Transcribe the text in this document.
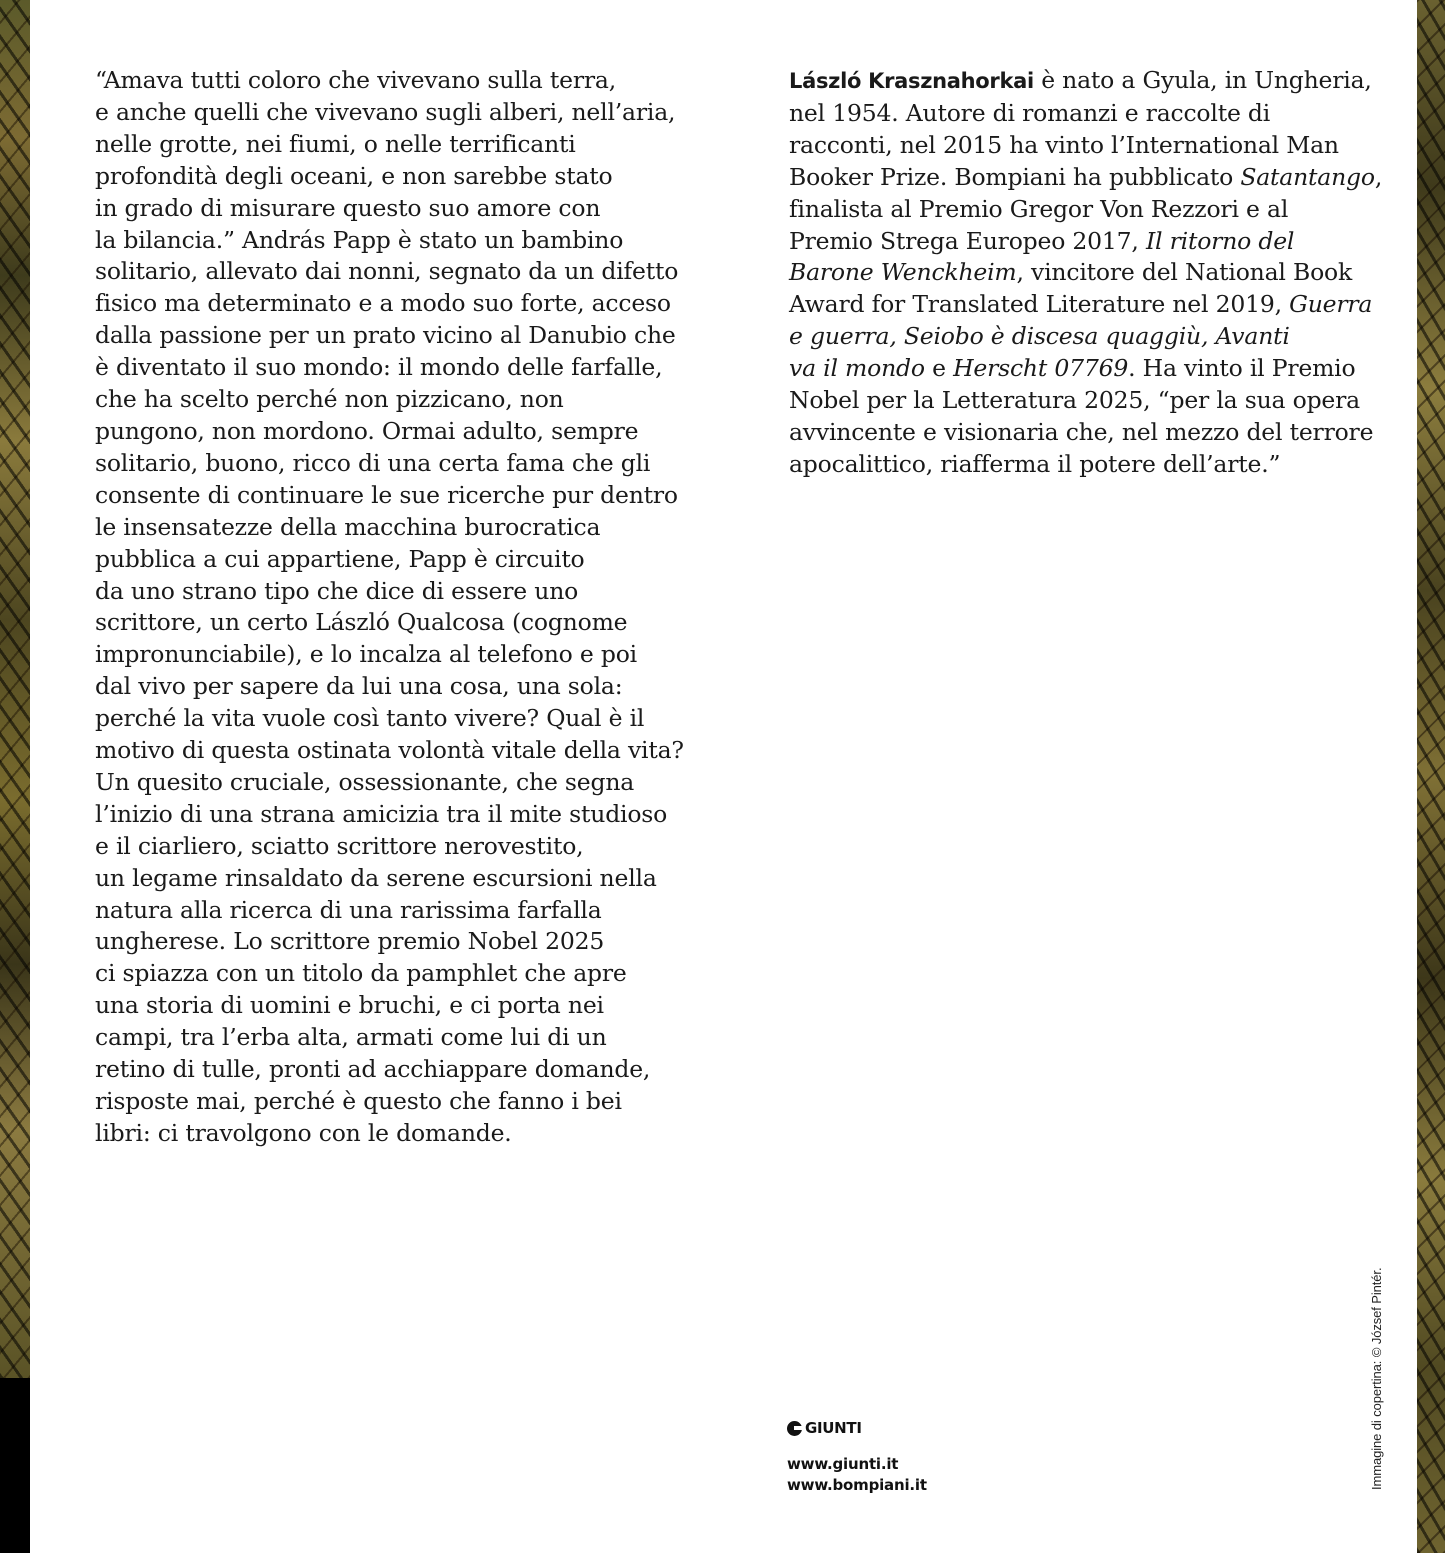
“Amava tutti coloro che vivevano sulla terra,
e anche quelli che vivevano sugli alberi, nell’aria,
nelle grotte, nei fiumi, o nelle terrificanti
profondità degli oceani, e non sarebbe stato
in grado di misurare questo suo amore con
la bilancia.” András Papp è stato un bambino
solitario, allevato dai nonni, segnato da un difetto
fisico ma determinato e a modo suo forte, acceso
dalla passione per un prato vicino al Danubio che
è diventato il suo mondo: il mondo delle farfalle,
che ha scelto perché non pizzicano, non
pungono, non mordono. Ormai adulto, sempre
solitario, buono, ricco di una certa fama che gli
consente di continuare le sue ricerche pur dentro
le insensatezze della macchina burocratica
pubblica a cui appartiene, Papp è circuito
da uno strano tipo che dice di essere uno
scrittore, un certo László Qualcosa (cognome
impronunciabile), e lo incalza al telefono e poi
dal vivo per sapere da lui una cosa, una sola:
perché la vita vuole così tanto vivere? Qual è il
motivo di questa ostinata volontà vitale della vita?
Un quesito cruciale, ossessionante, che segna
l’inizio di una strana amicizia tra il mite studioso
e il ciarliero, sciatto scrittore nerovestito,
un legame rinsaldato da serene escursioni nella
natura alla ricerca di una rarissima farfalla
ungherese. Lo scrittore premio Nobel 2025
ci spiazza con un titolo da pamphlet che apre
una storia di uomini e bruchi, e ci porta nei
campi, tra l’erba alta, armati come lui di un
retino di tulle, pronti ad acchiappare domande,
risposte mai, perché è questo che fanno i bei
libri: ci travolgono con le domande.
László Krasznahorkai è nato a Gyula, in Ungheria,
nel 1954. Autore di romanzi e raccolte di
racconti, nel 2015 ha vinto l’International Man
Booker Prize. Bompiani ha pubblicato Satantango,
finalista al Premio Gregor Von Rezzori e al
Premio Strega Europeo 2017, Il ritorno del
Barone Wenckheim, vincitore del National Book
Award for Translated Literature nel 2019, Guerra
e guerra, Seiobo è discesa quaggiù, Avanti
va il mondo e Herscht 07769. Ha vinto il Premio
Nobel per la Letteratura 2025, “per la sua opera
avvincente e visionaria che, nel mezzo del terrore
apocalittico, riafferma il potere dell’arte.”
GIUNTI
www.giunti.it
www.bompiani.it	Immagine di copertina: © József Pintér.
